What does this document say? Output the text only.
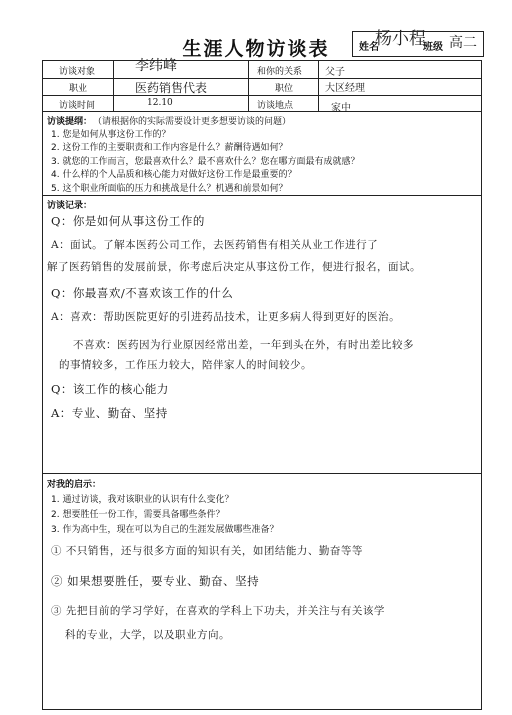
生涯人物访谈表	姓名	班级
杨小程 高二
访谈对象	李纬峰	和你的关系 父子
职业	医药销售代表	职位	大区经理
访谈时间	12.10	访谈地点	家中
访谈提纲： （请根据你的实际需要设计更多想要访谈的问题）
1. 您是如何从事这份工作的？
2. 这份工作的主要职责和工作内容是什么？薪酬待遇如何？
3. 就您的工作而言，您最喜欢什么？最不喜欢什么？您在哪方面最有成就感？
4. 什么样的个人品质和核心能力对做好这份工作是最重要的？
5. 这个职业所面临的压力和挑战是什么？机遇和前景如何？
访谈记录：
Q：你是如何从事这份工作的
A：面试。了解本医药公司工作，去医药销售有相关从业工作进行了
解了医药销售的发展前景，你考虑后决定从事这份工作，便进行报名，面试。
Q：你最喜欢/不喜欢该工作的什么
A：喜欢：帮助医院更好的引进药品技术，让更多病人得到更好的医治。
不喜欢：医药因为行业原因经常出差，一年到头在外，有时出差比较多
的事情较多，工作压力较大，陪伴家人的时间较少。
Q：该工作的核心能力
A：专业、勤奋、坚持
对我的启示：
1. 通过访谈，我对该职业的认识有什么变化？
2. 想要胜任一份工作，需要具备哪些条件？
3. 作为高中生，现在可以为自己的生涯发展做哪些准备？
① 不只销售，还与很多方面的知识有关，如团结能力、勤奋等等
② 如果想要胜任，要专业、勤奋、坚持
③ 先把目前的学习学好，在喜欢的学科上下功夫，并关注与有关该学
科的专业，大学，以及职业方向。
